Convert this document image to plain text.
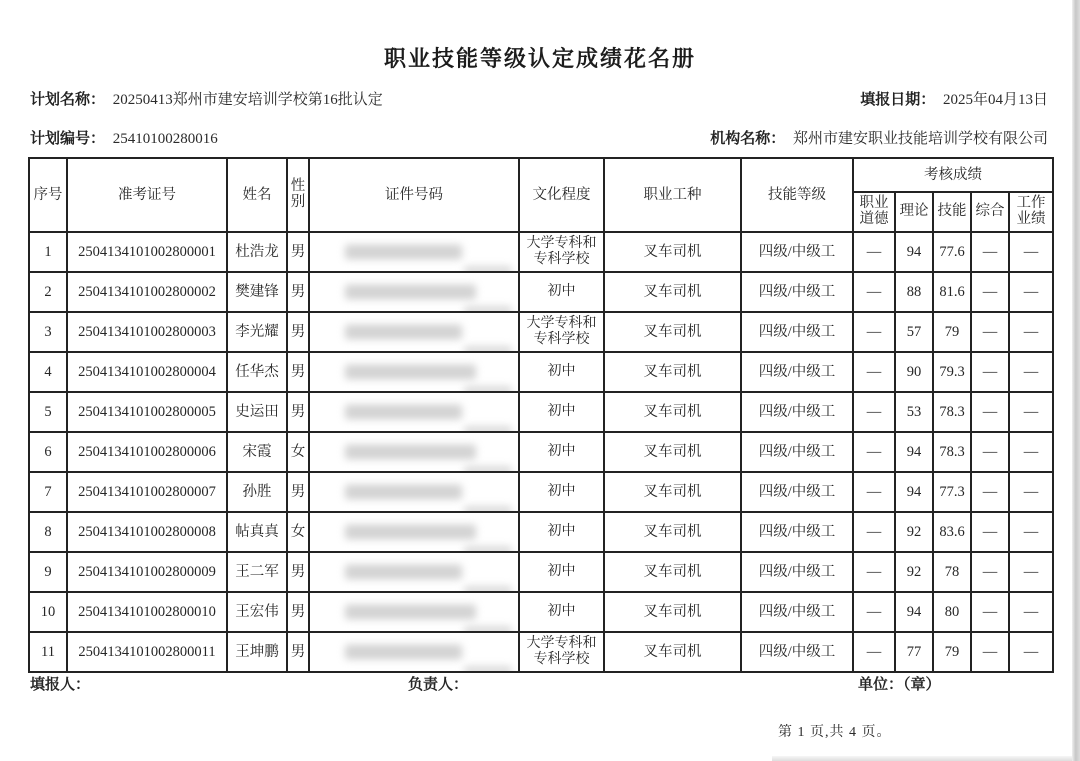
职业技能等级认定成绩花名册
计划名称： 20250413郑州市建安培训学校第16批认定	填报日期： 2025年04月13日
计划编号： 25410100280016	机构名称： 郑州市建安职业技能培训学校有限公司
序号	准考证号	姓名	性别	证件号码	文化程度	职业工种	技能等级	考核成绩				
								职业道德	理论	技能	综合	工作业绩
1	2504134101002800001	杜浩龙	男		大学专科和专科学校	叉车司机	四级/中级工	—	94	77.6	—	—
2	2504134101002800002	樊建锋	男		初中	叉车司机	四级/中级工	—	88	81.6	—	—
3	2504134101002800003	李光耀	男		大学专科和专科学校	叉车司机	四级/中级工	—	57	79	—	—
4	2504134101002800004	任华杰	男		初中	叉车司机	四级/中级工	—	90	79.3	—	—
5	2504134101002800005	史运田	男		初中	叉车司机	四级/中级工	—	53	78.3	—	—
6	2504134101002800006	宋霞	女		初中	叉车司机	四级/中级工	—	94	78.3	—	—
7	2504134101002800007	孙胜	男		初中	叉车司机	四级/中级工	—	94	77.3	—	—
8	2504134101002800008	帖真真	女		初中	叉车司机	四级/中级工	—	92	83.6	—	—
9	2504134101002800009	王二军	男		初中	叉车司机	四级/中级工	—	92	78	—	—
10	2504134101002800010	王宏伟	男		初中	叉车司机	四级/中级工	—	94	80	—	—
11	2504134101002800011	王坤鹏	男		大学专科和专科学校	叉车司机	四级/中级工	—	77	79	—	—
填报人：	负责人：	单位：（章）
第 1 页,共 4 页。
